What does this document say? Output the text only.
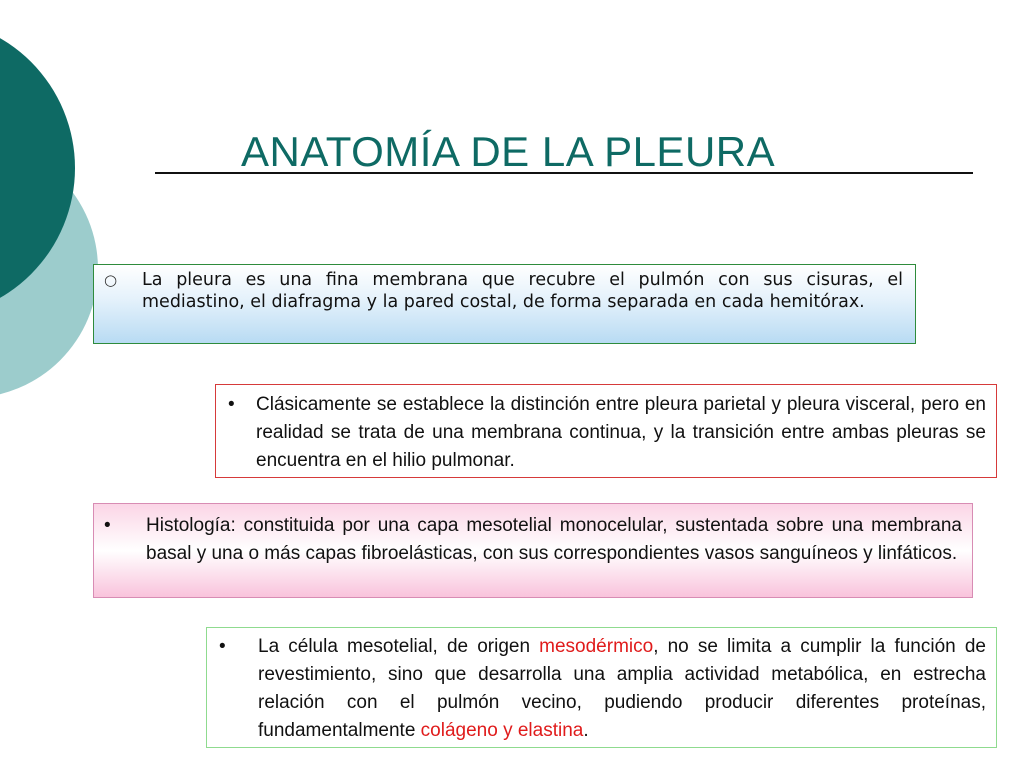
ANATOMÍA DE LA PLEURA
○ La pleura es una fina membrana que recubre el pulmón con sus cisuras, el mediastino, el diafragma y la pared costal, de forma separada en cada hemitórax.
• Clásicamente se establece la distinción entre pleura parietal y pleura visceral, pero en realidad se trata de una membrana continua, y la transición entre ambas pleuras se encuentra en el hilio pulmonar.
• Histología: constituida por una capa mesotelial monocelular, sustentada sobre una membrana basal y una o más capas fibroelásticas, con sus correspondientes vasos sanguíneos y linfáticos.
• La célula mesotelial, de origen mesodérmico, no se limita a cumplir la función de revestimiento, sino que desarrolla una amplia actividad metabólica, en estrecha relación con el pulmón vecino, pudiendo producir diferentes proteínas, fundamentalmente colágeno y elastina.
